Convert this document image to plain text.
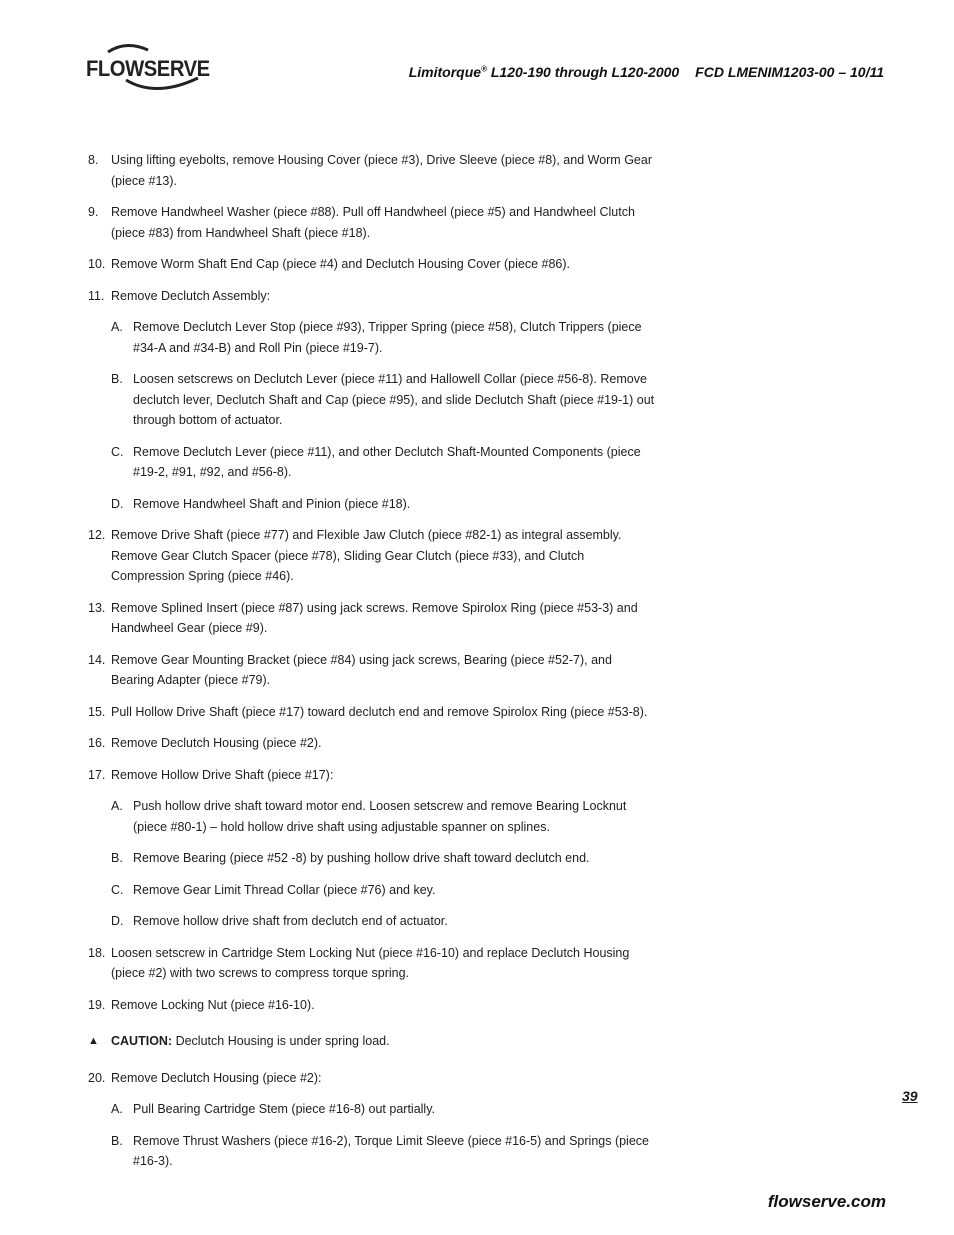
FLOWSERVE	Limitorque® L120-190 through L120-2000 FCD LMENIM1203-00 – 10/11
8.	Using lifting eyebolts, remove Housing Cover (piece #3), Drive Sleeve (piece #8), and Worm Gear (piece #13).
9.	Remove Handwheel Washer (piece #88). Pull off Handwheel (piece #5) and Handwheel Clutch (piece #83) from Handwheel Shaft (piece #18).
10. Remove Worm Shaft End Cap (piece #4) and Declutch Housing Cover (piece #86).
11. Remove Declutch Assembly:
A. Remove Declutch Lever Stop (piece #93), Tripper Spring (piece #58), Clutch Trippers (piece #34-A and #34-B) and Roll Pin (piece #19-7).
B. Loosen setscrews on Declutch Lever (piece #11) and Hallowell Collar (piece #56-8). Remove declutch lever, Declutch Shaft and Cap (piece #95), and slide Declutch Shaft (piece #19-1) out through bottom of actuator.
C. Remove Declutch Lever (piece #11), and other Declutch Shaft-Mounted Components (piece #19-2, #91, #92, and #56-8).
D. Remove Handwheel Shaft and Pinion (piece #18).
12. Remove Drive Shaft (piece #77) and Flexible Jaw Clutch (piece #82-1) as integral assembly. Remove Gear Clutch Spacer (piece #78), Sliding Gear Clutch (piece #33), and Clutch Compression Spring (piece #46).
13. Remove Splined Insert (piece #87) using jack screws. Remove Spirolox Ring (piece #53-3) and Handwheel Gear (piece #9).
14. Remove Gear Mounting Bracket (piece #84) using jack screws, Bearing (piece #52-7), and Bearing Adapter (piece #79).
15. Pull Hollow Drive Shaft (piece #17) toward declutch end and remove Spirolox Ring (piece #53-8).
16. Remove Declutch Housing (piece #2).
17. Remove Hollow Drive Shaft (piece #17):
A. Push hollow drive shaft toward motor end. Loosen setscrew and remove Bearing Locknut (piece #80-1) – hold hollow drive shaft using adjustable spanner on splines.
B. Remove Bearing (piece #52 -8) by pushing hollow drive shaft toward declutch end.
C. Remove Gear Limit Thread Collar (piece #76) and key.
D. Remove hollow drive shaft from declutch end of actuator.
18. Loosen setscrew in Cartridge Stem Locking Nut (piece #16-10) and replace Declutch Housing (piece #2) with two screws to compress torque spring.
19. Remove Locking Nut (piece #16-10).
▲ CAUTION: Declutch Housing is under spring load.
20. Remove Declutch Housing (piece #2):
A. Pull Bearing Cartridge Stem (piece #16-8) out partially.
B. Remove Thrust Washers (piece #16-2), Torque Limit Sleeve (piece #16-5) and Springs (piece #16-3).
39
flowserve.com
